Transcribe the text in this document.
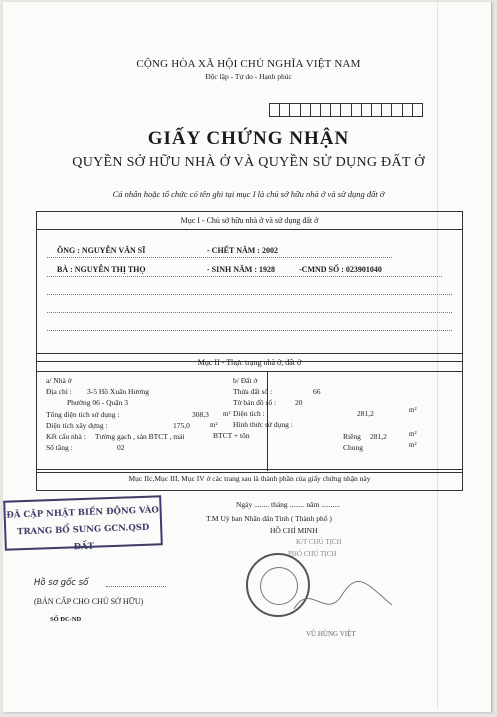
CỘNG HÒA XÃ HỘI CHỦ NGHĨA VIỆT NAM
Độc lập - Tự do - Hạnh phúc
GIẤY CHỨNG NHẬN
QUYỀN SỞ HỮU NHÀ Ở VÀ QUYỀN SỬ DỤNG ĐẤT Ở
Cá nhân hoặc tổ chức có tên ghi tại mục I là chủ sở hữu nhà ở và sử dụng đất ở
Mục I - Chủ sở hữu nhà ở và sử dụng đất ở
ÔNG : NGUYỄN VĂN SĨ	- CHẾT NĂM : 2002
BÀ : NGUYỄN THỊ THỌ	- SINH NĂM : 1928	-CMND SỐ : 023901040
Mục II - Thực trạng nhà ở, đất ở
a/ Nhà ở
Địa chỉ : 3-5 Hồ Xuân Hương
Phường 06 - Quận 3
Tổng diện tích sử dụng :	308,3 m²
Diện tích xây dựng :	175,0	m²
Kết cấu nhà : Tường gạch , sàn BTCT , mái
Số tầng :	02
b/ Đất ở
Thửa đất số :	66
Tờ bản đồ số :	20
Diện tích :	281,2	m²
Hình thức sử dụng :
BTCT + tôn	Riêng 281,2	m²
Chung	m²
Mục IIc,Mục III, Mục IV ở các trang sau là thành phần của giấy chứng nhận này
ĐÃ CẬP NHẬT BIẾN ĐỘNG VÀO
TRANG BỔ SUNG GCN.QSD ĐẤT
Ngày ........ tháng ........ năm ..........
T.M Uỷ ban Nhân dân Tỉnh ( Thành phố )
HỒ CHÍ MINH
K/T CHỦ TỊCH
PHÓ CHỦ TỊCH
VŨ HÙNG VIỆT
Hồ sơ gốc số
(BẢN CẤP CHO CHỦ SỞ HỮU)
SỐ ĐC-ND
